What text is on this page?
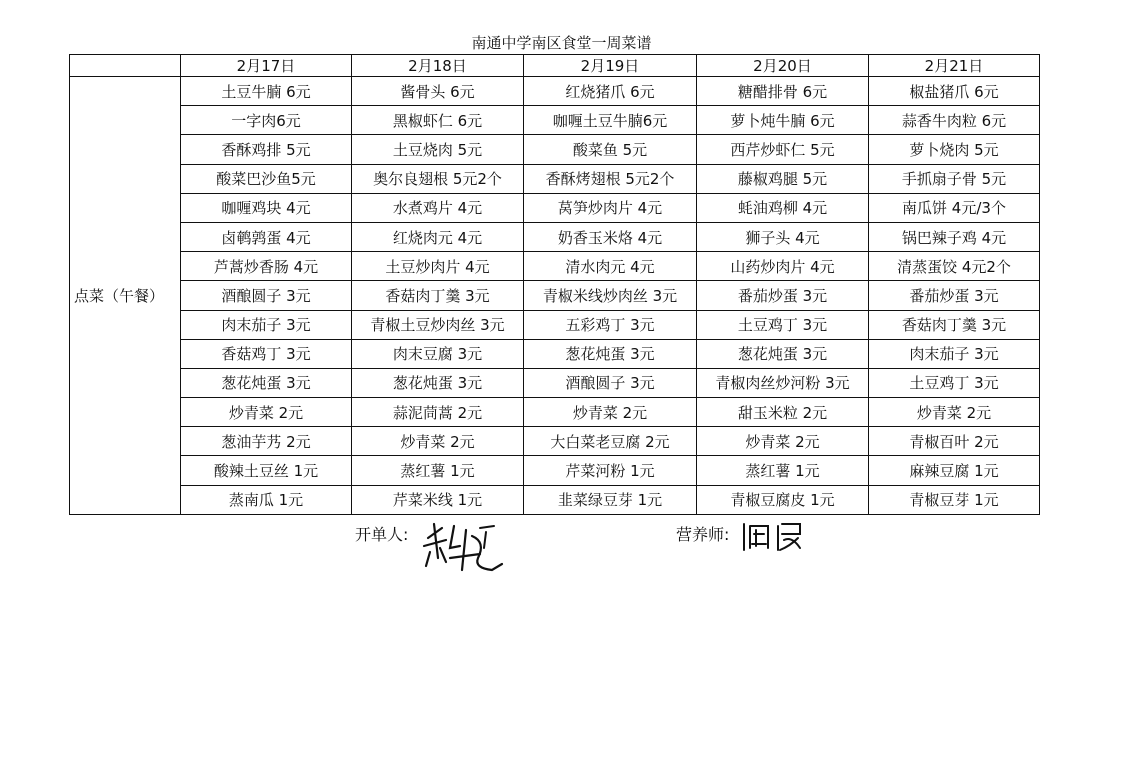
南通中学南区食堂一周菜谱
	2月17日	2月18日	2月19日	2月20日	2月21日
点菜（午餐）	土豆牛腩 6元	酱骨头 6元	红烧猪爪 6元	糖醋排骨 6元	椒盐猪爪 6元
	一字肉6元	黑椒虾仁 6元	咖喱土豆牛腩6元	萝卜炖牛腩 6元	蒜香牛肉粒 6元
	香酥鸡排 5元	土豆烧肉 5元	酸菜鱼 5元	西芹炒虾仁 5元	萝卜烧肉 5元
	酸菜巴沙鱼5元	奥尔良翅根 5元2个	香酥烤翅根 5元2个	藤椒鸡腿 5元	手抓扇子骨 5元
	咖喱鸡块 4元	水煮鸡片 4元	莴笋炒肉片 4元	蚝油鸡柳 4元	南瓜饼 4元/3个
	卤鹌鹑蛋 4元	红烧肉元 4元	奶香玉米烙 4元	狮子头 4元	锅巴辣子鸡 4元
	芦蒿炒香肠 4元	土豆炒肉片 4元	清水肉元 4元	山药炒肉片 4元	清蒸蛋饺 4元2个
	酒酿圆子 3元	香菇肉丁羹 3元	青椒米线炒肉丝 3元	番茄炒蛋 3元	番茄炒蛋 3元
	肉末茄子 3元	青椒土豆炒肉丝 3元	五彩鸡丁 3元	土豆鸡丁 3元	香菇肉丁羹 3元
	香菇鸡丁 3元	肉末豆腐 3元	葱花炖蛋 3元	葱花炖蛋 3元	肉末茄子 3元
	葱花炖蛋 3元	葱花炖蛋 3元	酒酿圆子 3元	青椒肉丝炒河粉 3元	土豆鸡丁 3元
	炒青菜 2元	蒜泥茼蒿 2元	炒青菜 2元	甜玉米粒 2元	炒青菜 2元
	葱油芋艿 2元	炒青菜 2元	大白菜老豆腐 2元	炒青菜 2元	青椒百叶 2元
	酸辣土豆丝 1元	蒸红薯 1元	芹菜河粉 1元	蒸红薯 1元	麻辣豆腐 1元
	蒸南瓜 1元	芹菜米线 1元	韭菜绿豆芽 1元	青椒豆腐皮 1元	青椒豆芽 1元
开单人:	营养师:
